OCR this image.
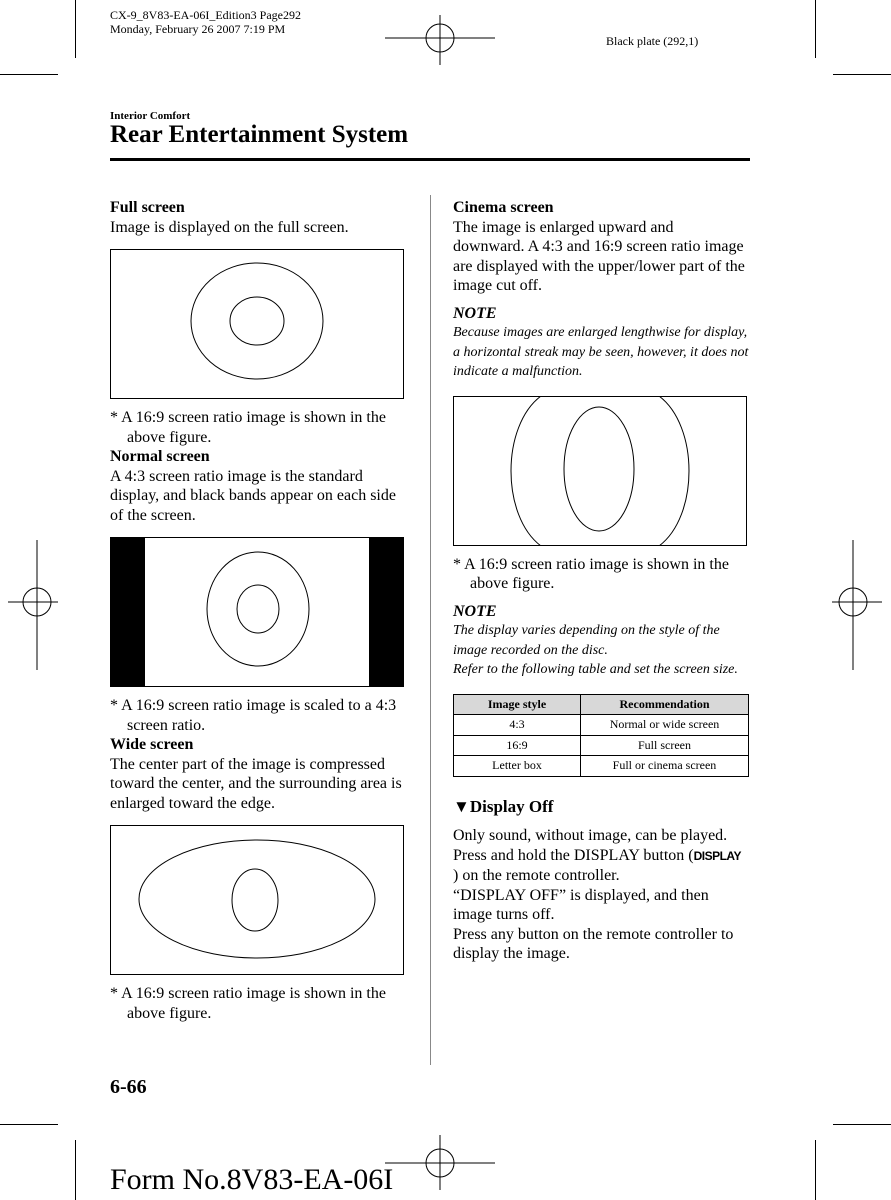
CX-9_8V83-EA-06I_Edition3 Page292
Monday, February 26 2007 7:19 PM
Black plate (292,1)
Interior Comfort
Rear Entertainment System

Full screen

Image is displayed on the full screen.

* A 16:9 screen ratio image is shown in the above figure.

Normal screen

A 4:3 screen ratio image is the standard display, and black bands appear on each side of the screen.

* A 16:9 screen ratio image is scaled to a 4:3 screen ratio.

Wide screen

The center part of the image is compressed toward the center, and the surrounding area is enlarged toward the edge.

* A 16:9 screen ratio image is shown in the above figure.

Cinema screen

The image is enlarged upward and downward. A 4:3 and 16:9 screen ratio image are displayed with the upper/lower part of the image cut off.

NOTE

Because images are enlarged lengthwise for display, a horizontal streak may be seen, however, it does not indicate a malfunction.

* A 16:9 screen ratio image is shown in the above figure.

NOTE

The display varies depending on the style of the image recorded on the disc.

Refer to the following table and set the screen size.

Image style	Recommendation
4:3	Normal or wide screen
16:9	Full screen
Letter box	Full or cinema screen

▼Display Off

Only sound, without image, can be played.

Press and hold the DISPLAY button (DISPLAY ) on the remote controller.

“DISPLAY OFF” is displayed, and then image turns off.

Press any button on the remote controller to display the image.

6-66
Form No.8V83-EA-06I
